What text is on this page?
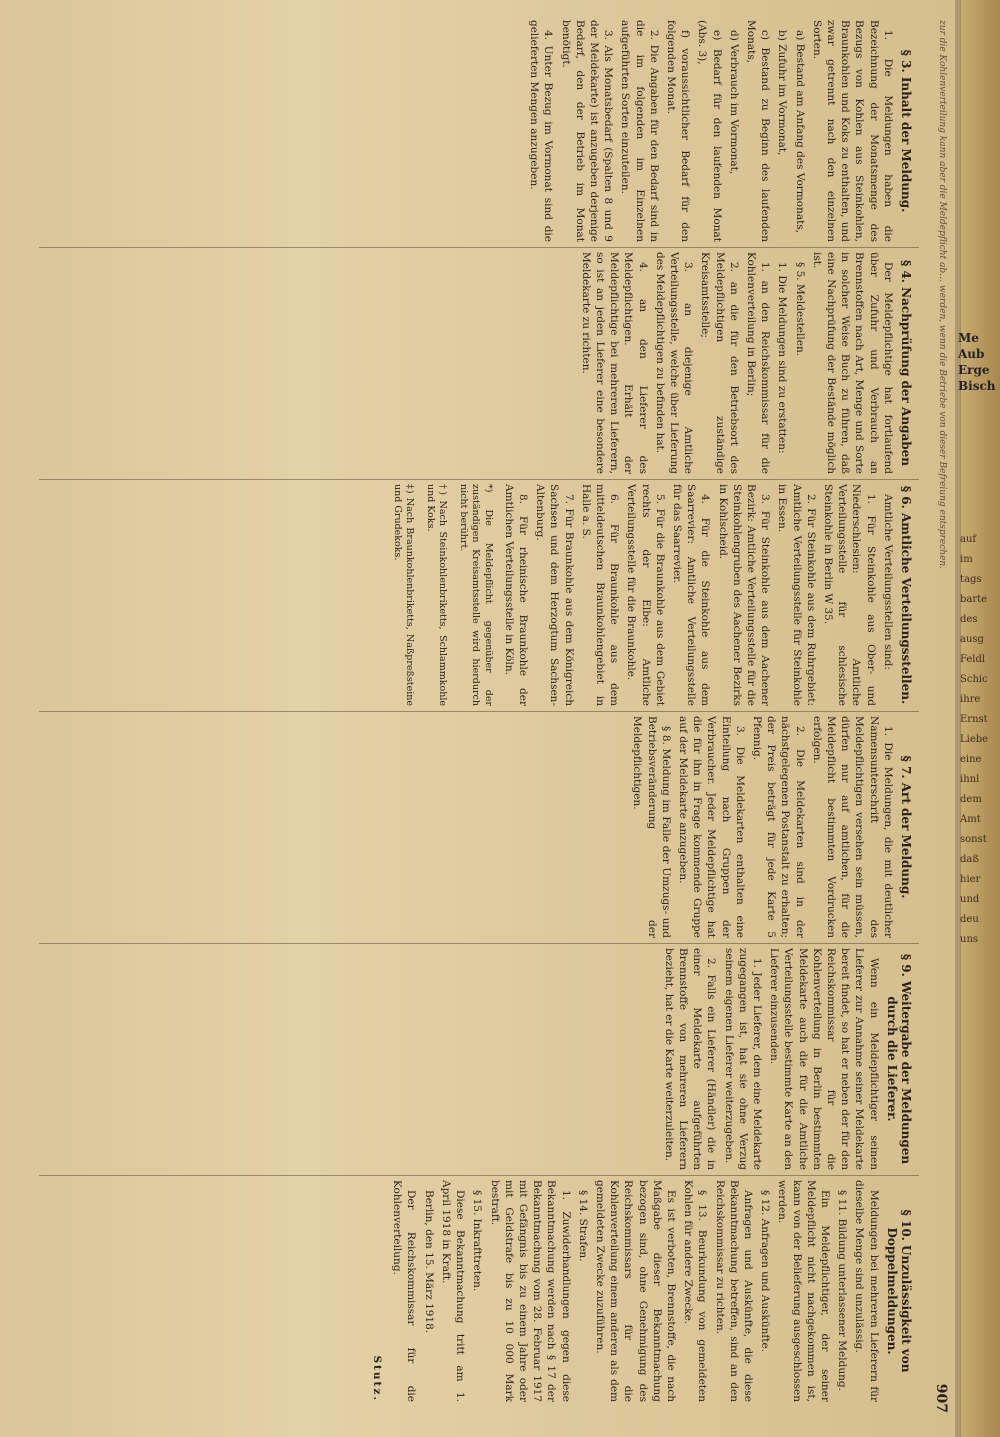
Me Aub Erge Bisch
auf
im
tags
barte
des
ausg
Feldl
Schic
ihre
Ernst
Liebe
eine
ihnl
dem
Amt
sonst
daß
hier
und
deu
uns
zur die Kohlenverteilung kann aber die Meldepflicht ab… werden, wenn die Betriebe von dieser Befreiung entsprechen.
907
§ 3. Inhalt der Meldung.

1. Die Meldungen haben die Bezeichnung der Monatsmenge des Bezugs von Kohlen aus Steinkohlen, Braunkohlen und Koks zu enthalten, und zwar getrennt nach den einzelnen Sorten.

a) Bestand am Anfang des Vormonats,

b) Zufuhr im Vormonat,

c) Bestand zu Beginn des laufenden Monats,

d) Verbrauch im Vormonat,

e) Bedarf für den laufenden Monat (Abs. 3),

f) voraussichtlicher Bedarf für den folgenden Monat.

2. Die Angaben für den Bedarf sind in die im folgenden im Einzelnen aufgeführten Sorten einzuteilen.

3. Als Monatsbedarf (Spalten 8 und 9 der Meldekarte) ist anzugeben derjenige Bedarf, den der Betrieb im Monat benötigt.

4. Unter Bezug im Vormonat sind die gelieferten Mengen anzugeben.

§ 4. Nachprüfung der Angaben

Der Meldepflichtige hat fortlaufend über Zufuhr und Verbrauch an Brennstoffen nach Art, Menge und Sorte in solcher Weise Buch zu führen, daß eine Nachprüfung der Bestände möglich ist.

§ 5. Meldestellen.

1. Die Meldungen sind zu erstatten:

1. an den Reichskommissar für die Kohlenverteilung in Berlin;

2. an die für den Betriebsort des Meldepflichtigen zuständige Kreisamtsstelle;

3. an diejenige Amtliche Verteilungsstelle, welche über Lieferung des Meldepflichtigen zu befinden hat.

4. an den Lieferer des Meldepflichtigen. Erhält der Meldepflichtige bei mehreren Lieferern, so ist an jeden Lieferer eine besondere Meldekarte zu richten.

§ 6. Amtliche Verteilungsstellen.

Amtliche Verteilungsstellen sind:

1. Für Steinkohle aus Ober- und Niederschlesien: Amtliche Verteilungsstelle für schlesische Steinkohle in Berlin W 35.

2. Für Steinkohle aus dem Ruhrgebiet: Amtliche Verteilungsstelle für Steinkohle in Essen.

3. Für Steinkohle aus dem Aachener Bezirk: Amtliche Verteilungsstelle für die Steinkohlengruben des Aachener Bezirks in Kohlscheid.

4. Für die Steinkohle aus dem Saarrevier: Amtliche Verteilungsstelle für das Saarrevier.

5. Für die Braunkohle aus dem Gebiet rechts der Elbe: Amtliche Verteilungsstelle für die Braunkohle.

6. Für Braunkohle aus dem mitteldeutschen Braunkohlengebiet in Halle a. S.

7. Für Braunkohle aus dem Königreich Sachsen und dem Herzogtum Sachsen-Altenburg.

8. Für rheinische Braunkohle der Amtlichen Verteilungsstelle in Köln.

*) Die Meldepflicht gegenüber der zuständigen Kreisamtsstelle wird hierdurch nicht berührt.
†) Nach Steinkohlenbriketts, Schlammkohle und Koks.
‡) Nach Braunkohlenbriketts, Naßpreßsteine und Grudekoks.
§ 7. Art der Meldung.

1. Die Meldungen, die mit deutlicher Namensunterschrift des Meldepflichtigen versehen sein müssen, dürfen nur auf amtlichen, für die Meldepflicht bestimmten Vordrucken erfolgen.

2. Die Meldekarten sind in der nächstgelegenen Postanstalt zu erhalten; der Preis beträgt für jede Karte 5 Pfennig.

3. Die Meldekarten enthalten eine Einteilung nach Gruppen der Verbraucher. Jeder Meldepflichtige hat die für ihn in Frage kommende Gruppe auf der Meldekarte anzugeben.

§ 8. Meldung im Falle der Umzugs- und Betriebsveränderung der Meldepflichtigen.

§ 9. Weitergabe der Meldungen durch die Lieferer.

Wenn ein Meldepflichtiger seinen Lieferer zur Annahme seiner Meldekarte bereit findet, so hat er neben der für den Reichskommissar für die Kohlenverteilung in Berlin bestimmten Meldekarte auch die für die Amtliche Verteilungsstelle bestimmte Karte an den Lieferer einzusenden.

1. Jeder Lieferer, dem eine Meldekarte zugegangen ist, hat sie ohne Verzug seinem eigenen Lieferer weiterzugeben.

2. Falls ein Lieferer (Händler) die in einer Meldekarte aufgeführten Brennstoffe von mehreren Lieferern bezieht, hat er die Karte weiterzuleiten.

§ 10. Unzulässigkeit von Doppelmeldungen.

Meldungen bei mehreren Lieferern für dieselbe Menge sind unzulässig.

§ 11. Bildung unterlassener Meldung.

Ein Meldepflichtiger, der seiner Meldepflicht nicht nachgekommen ist, kann von der Belieferung ausgeschlossen werden.

§ 12. Anfragen und Auskünfte.

Anfragen und Auskünfte, die diese Bekanntmachung betreffen, sind an den Reichskommissar zu richten.

§ 13. Beurkundung von gemeldeten Kohlen für andere Zwecke.

Es ist verboten, Brennstoffe, die nach Maßgabe dieser Bekanntmachung bezogen sind, ohne Genehmigung des Reichskommissars für die Kohlenverteilung einem anderen als dem gemeldeten Zwecke zuzuführen.

§ 14. Strafen.

1. Zuwiderhandlungen gegen diese Bekanntmachung werden nach § 17 der Bekanntmachung vom 28. Februar 1917 mit Gefängnis bis zu einem Jahre oder mit Geldstrafe bis zu 10 000 Mark bestraft.

§ 15. Inkrafttreten.

Diese Bekanntmachung tritt am 1. April 1918 in Kraft.

Berlin, den 15. März 1918.

Der Reichskommissar für die Kohlenverteilung.

Stutz.
